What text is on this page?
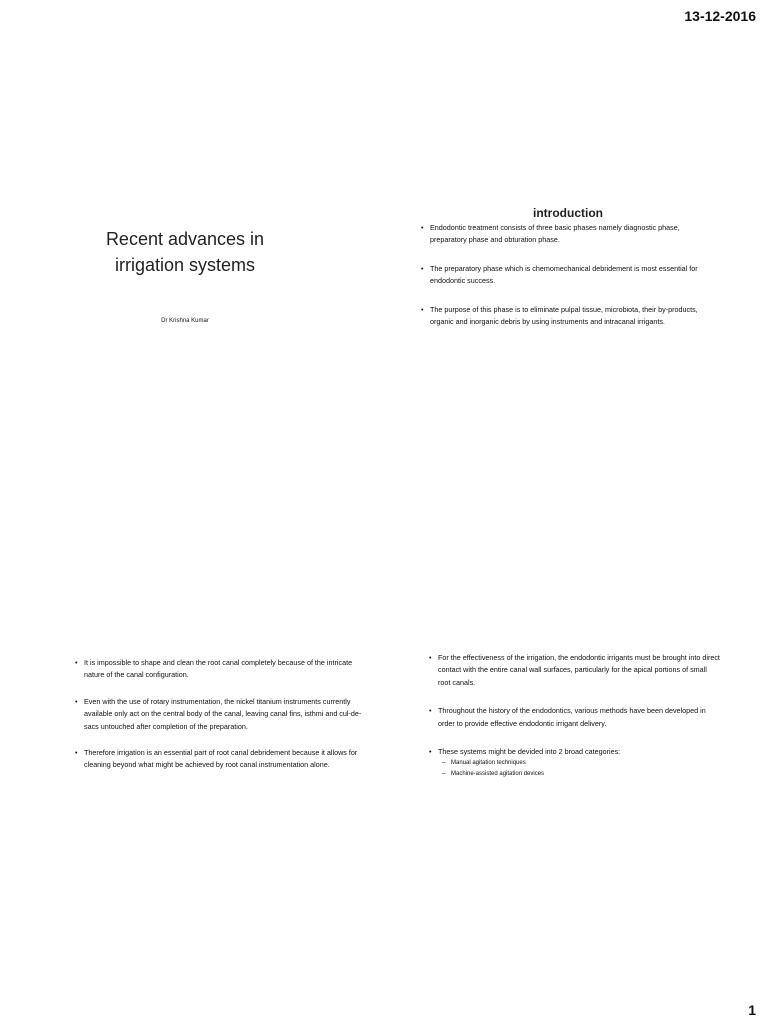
13-12-2016
Recent advances in
irrigation systems
Dr Krishna Kumar
introduction
• Endodontic treatment consists of three basic phases namely diagnostic phase, preparatory phase and obturation phase.
• The preparatory phase which is chemomechanical debridement is most essential for endodontic success.
• The purpose of this phase is to eliminate pulpal tissue, microbiota, their by-products, organic and inorganic debris by using instruments and intracanal irrigants.
• It is impossible to shape and clean the root canal completely because of the intricate nature of the canal configuration.
• Even with the use of rotary instrumentation, the nickel titanium instruments currently available only act on the central body of the canal, leaving canal fins, isthmi and cul-de-sacs untouched after completion of the preparation.
• Therefore irrigation is an essential part of root canal debridement because it allows for cleaning beyond what might be achieved by root canal instrumentation alone.
• For the effectiveness of the irrigation, the endodontic irrigants must be brought into direct contact with the entire canal wall surfaces, particularly for the apical portions of small root canals.
• Throughout the history of the endodontics, various methods have been developed in order to provide effective endodontic irrigant delivery.
• These systems might be devided into 2 broad categories:
– Manual agitation techniques
– Machine-assisted agitation devices
1
